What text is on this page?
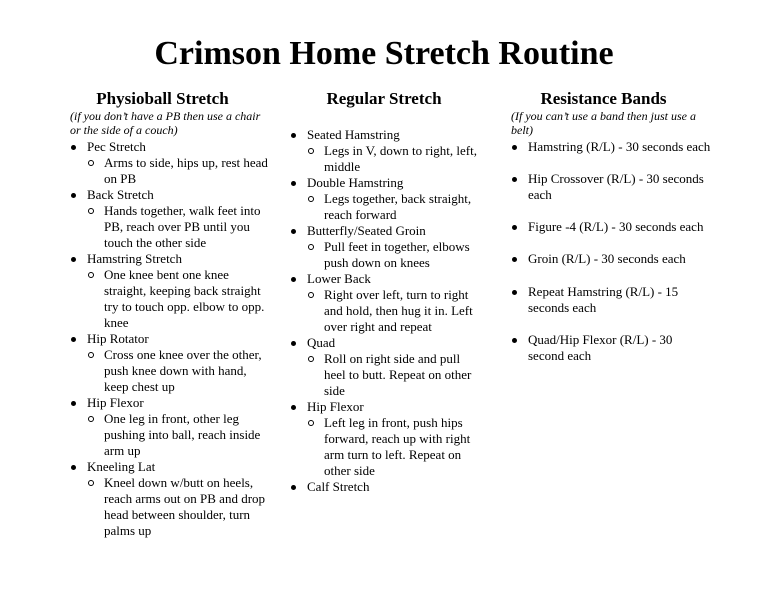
Crimson Home Stretch Routine
Physioball Stretch
(if you don’t have a PB then use a chair or the side of a couch)
Pec Stretch
Arms to side, hips up, rest head on PB
Back Stretch
Hands together, walk feet into PB, reach over PB until you touch the other side
Hamstring Stretch
One knee bent one knee straight, keeping back straight try to touch opp. elbow to opp. knee
Hip Rotator
Cross one knee over the other, push knee down with hand, keep chest up
Hip Flexor
One leg in front, other leg pushing into ball, reach inside arm up
Kneeling Lat
Kneel down w/butt on heels, reach arms out on PB and drop head between shoulder, turn palms up
Regular Stretch
Seated Hamstring
Legs in V, down to right, left, middle
Double Hamstring
Legs together, back straight, reach forward
Butterfly/Seated Groin
Pull feet in together, elbows push down on knees
Lower Back
Right over left, turn to right and hold, then hug it in. Left over right and repeat
Quad
Roll on right side and pull heel to butt. Repeat on other side
Hip Flexor
Left leg in front, push hips forward, reach up with right arm turn to left. Repeat on other side
Calf Stretch
Resistance Bands
(If you can’t use a band then just use a belt)
Hamstring (R/L) - 30 seconds each
Hip Crossover (R/L) - 30 seconds each
Figure -4 (R/L) - 30 seconds each
Groin (R/L) - 30 seconds each
Repeat Hamstring (R/L) - 15 seconds each
Quad/Hip Flexor (R/L) - 30 second each
